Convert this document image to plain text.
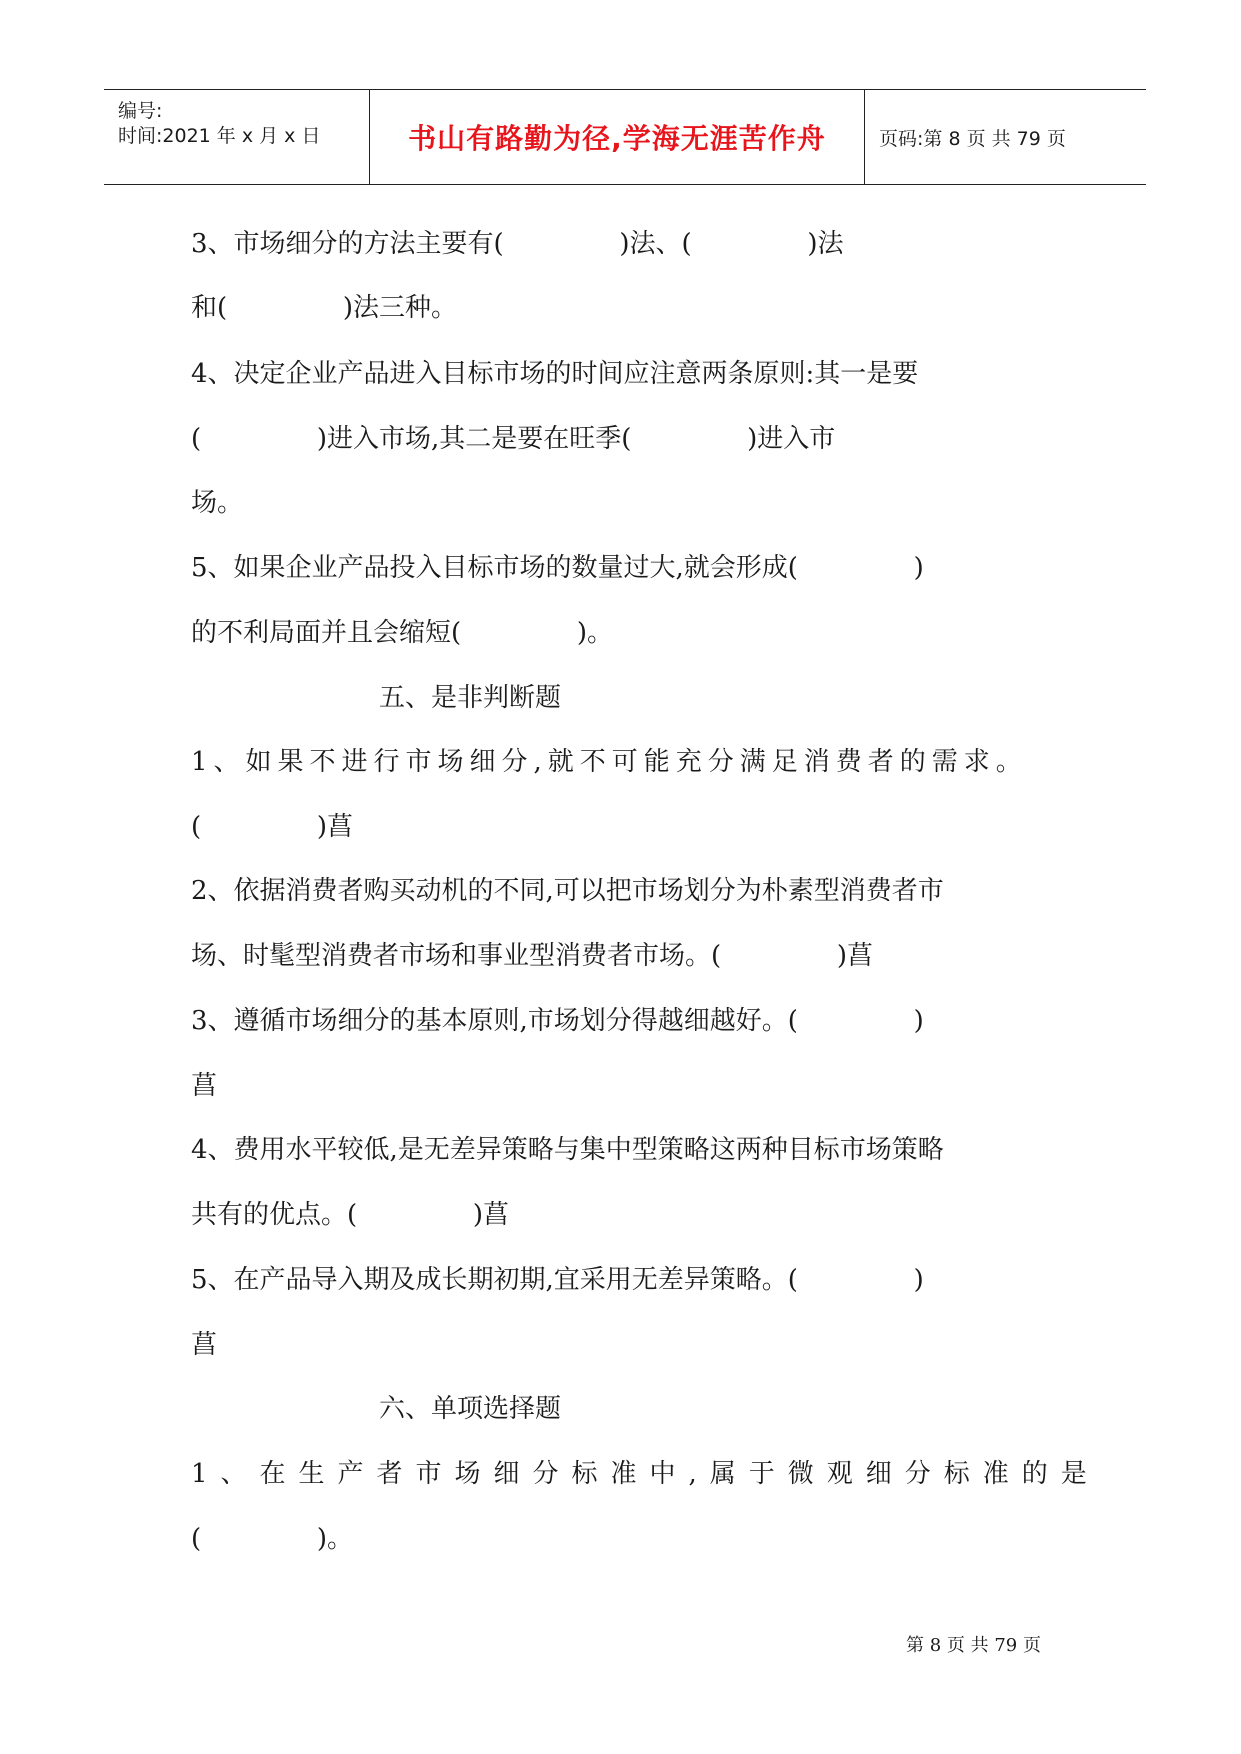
编号:
时间:2021 年 x 月 x 日	书山有路勤为径,学海无涯苦作舟	页码:第 8 页 共 79 页
3、市场细分的方法主要有(              )法、(              )法
和(              )法三种。
4、决定企业产品进入目标市场的时间应注意两条原则:其一是要
(              )进入市场,其二是要在旺季(              )进入市
场。
5、如果企业产品投入目标市场的数量过大,就会形成(              )
的不利局面并且会缩短(              )。
五、是非判断题
1、如果不进行市场细分,就不可能充分满足消费者的需求。
(              )菖
2、依据消费者购买动机的不同,可以把市场划分为朴素型消费者市
场、时髦型消费者市场和事业型消费者市场。(              )菖
3、遵循市场细分的基本原则,市场划分得越细越好。(              )
菖
4、费用水平较低,是无差异策略与集中型策略这两种目标市场策略
共有的优点。(              )菖
5、在产品导入期及成长期初期,宜采用无差异策略。(              )
菖
六、单项选择题
1、在生产者市场细分标准中,属于微观细分标准的是
(              )。
第 8 页 共 79 页
